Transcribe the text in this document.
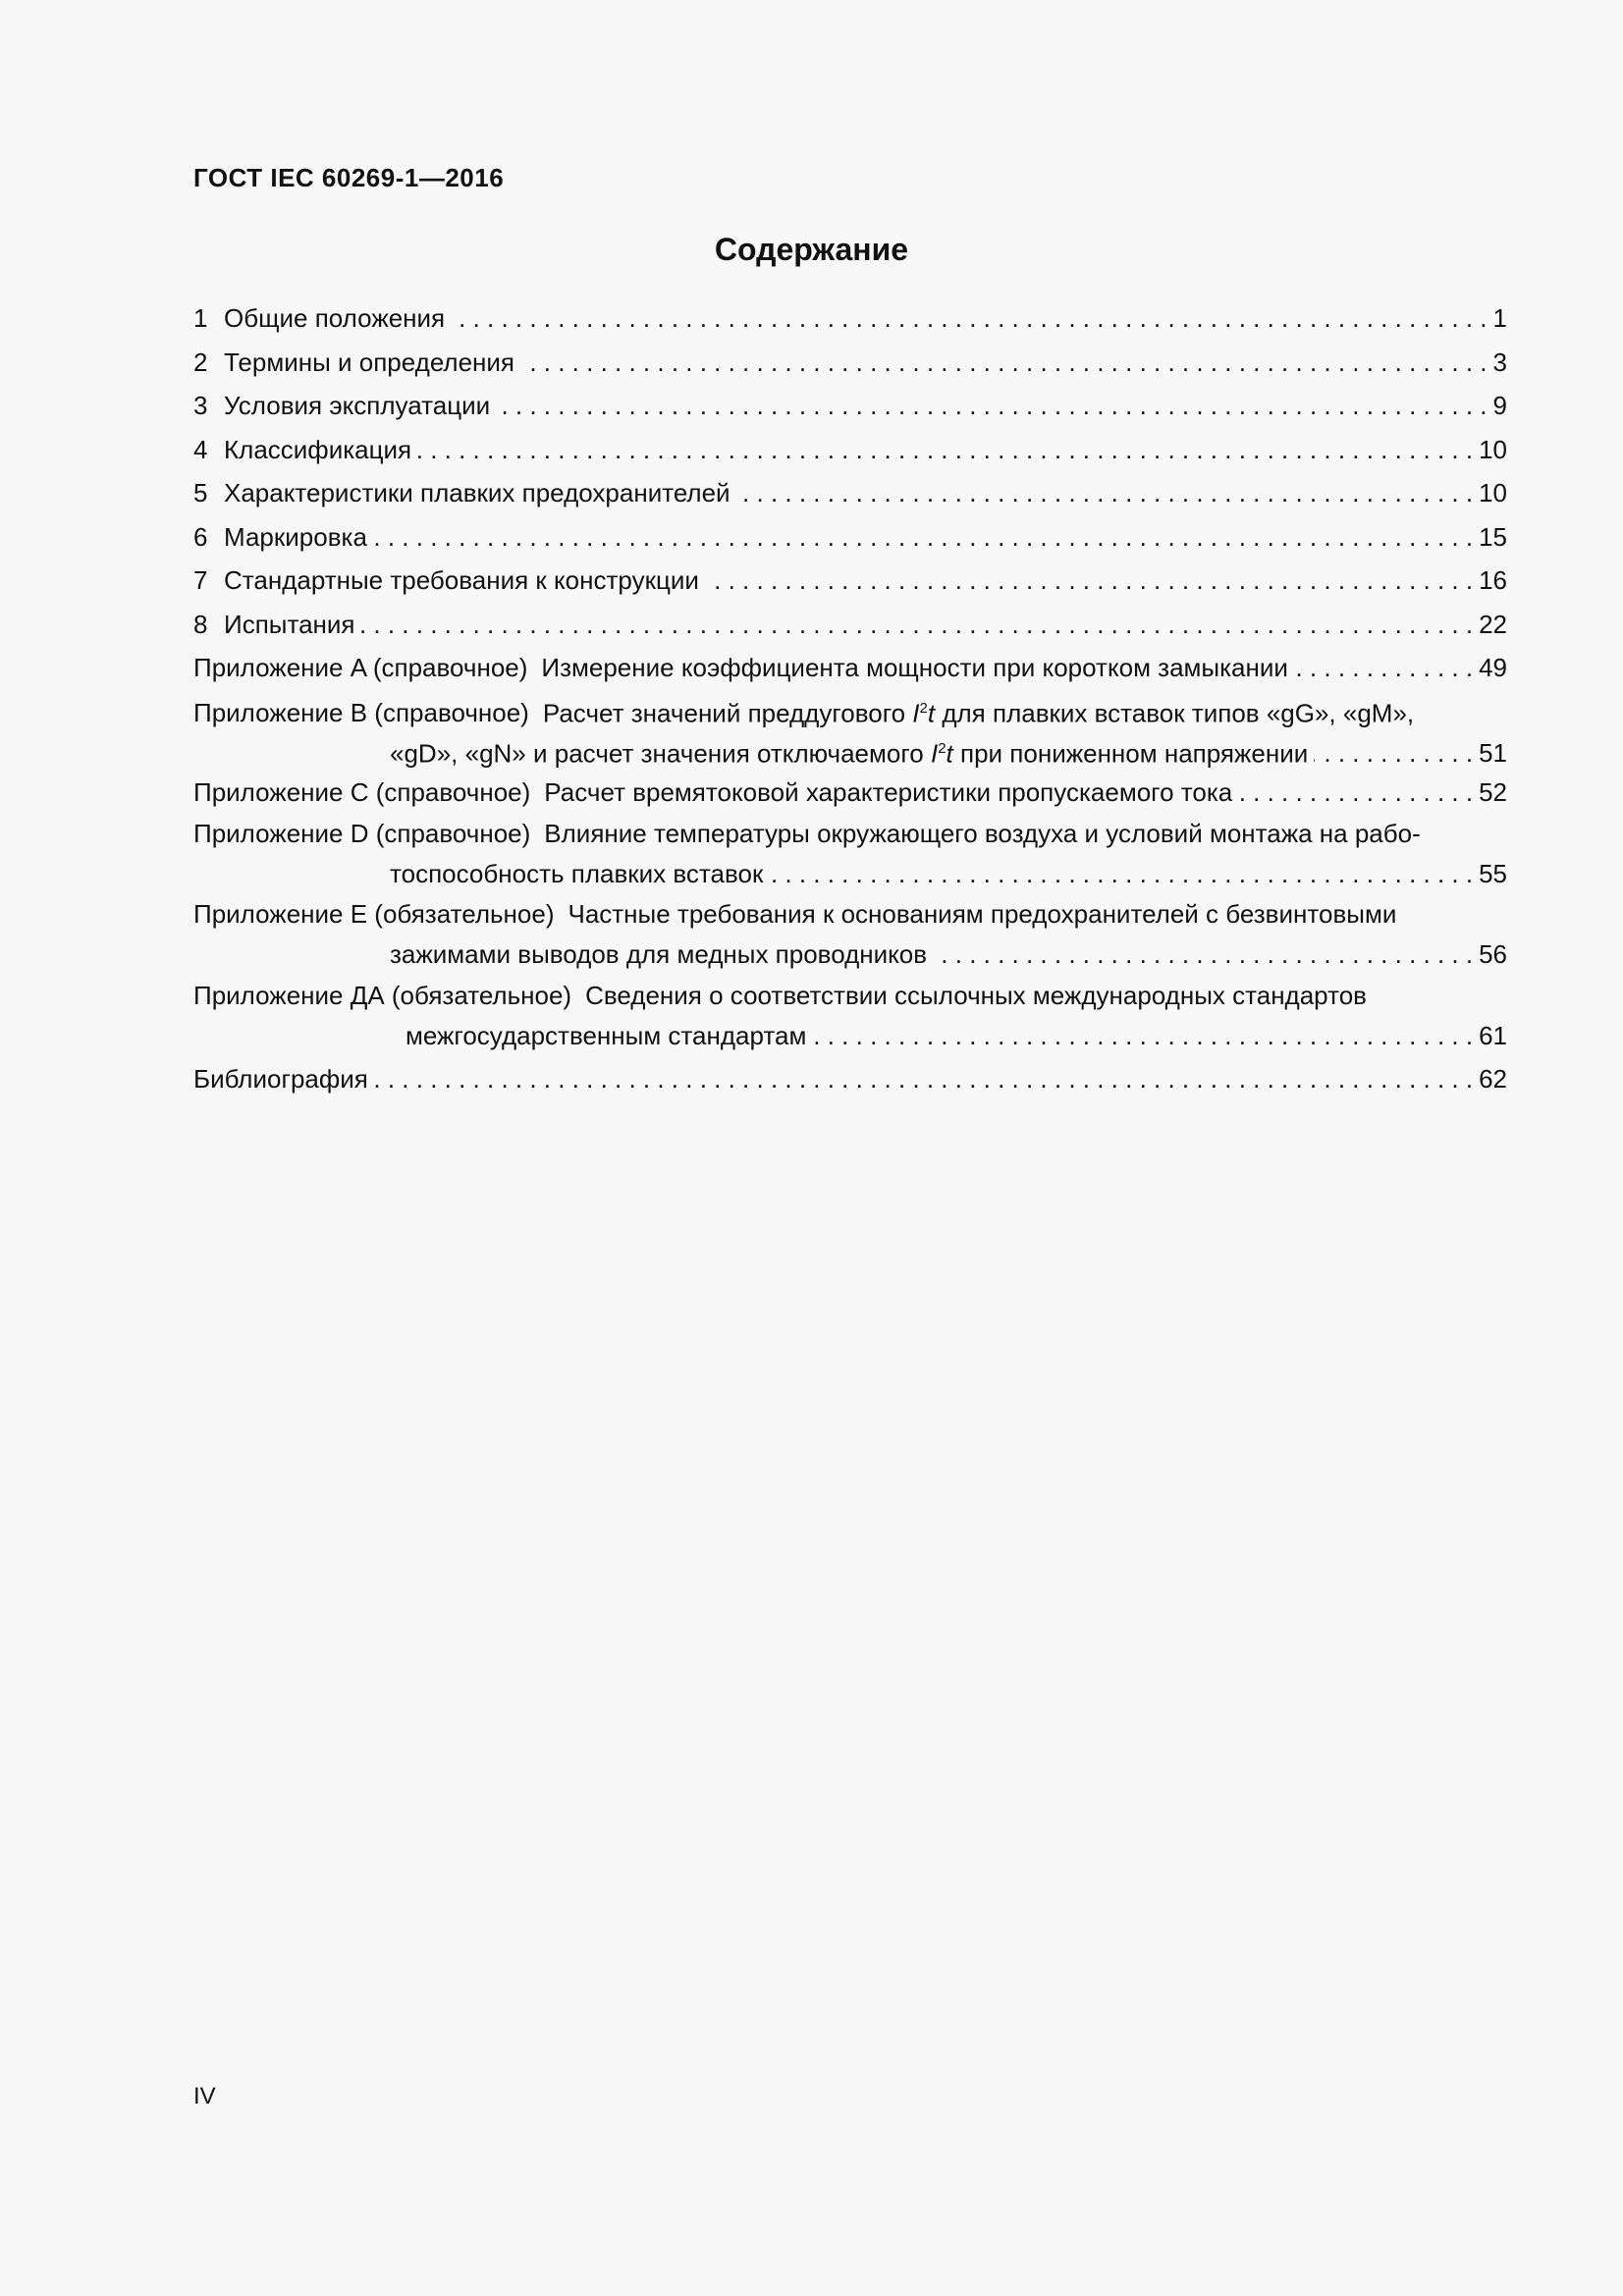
ГОСТ IEC 60269-1—2016
Содержание
1 Общие положения . . .	1
2 Термины и определения . . .	3
3 Условия эксплуатации . . .	9
4 Классификация . . .	10
5 Характеристики плавких предохранителей . . .	10
6 Маркировка . . .	15
7 Стандартные требования к конструкции . . .	16
8 Испытания . . .	22
Приложение A (справочное) Измерение коэффициента мощности при коротком замыкании . . .	49
Приложение B (справочное) Расчет значений преддугового $I^2t$ для плавких вставок типов «gG», «gM»,
«gD», «gN» и расчет значения отключаемого $I^2t$ при пониженном напряжении . . .	51
Приложение C (справочное) Расчет времятоковой характеристики пропускаемого тока . . .	52
Приложение D (справочное) Влияние температуры окружающего воздуха и условий монтажа на рабо-
тоспособность плавких вставок . . .	55
Приложение E (обязательное) Частные требования к основаниям предохранителей с безвинтовыми
зажимами выводов для медных проводников . . .	56
Приложение ДА (обязательное) Сведения о соответствии ссылочных международных стандартов
межгосударственным стандартам . . .	61
Библиография . . .	62
IV
